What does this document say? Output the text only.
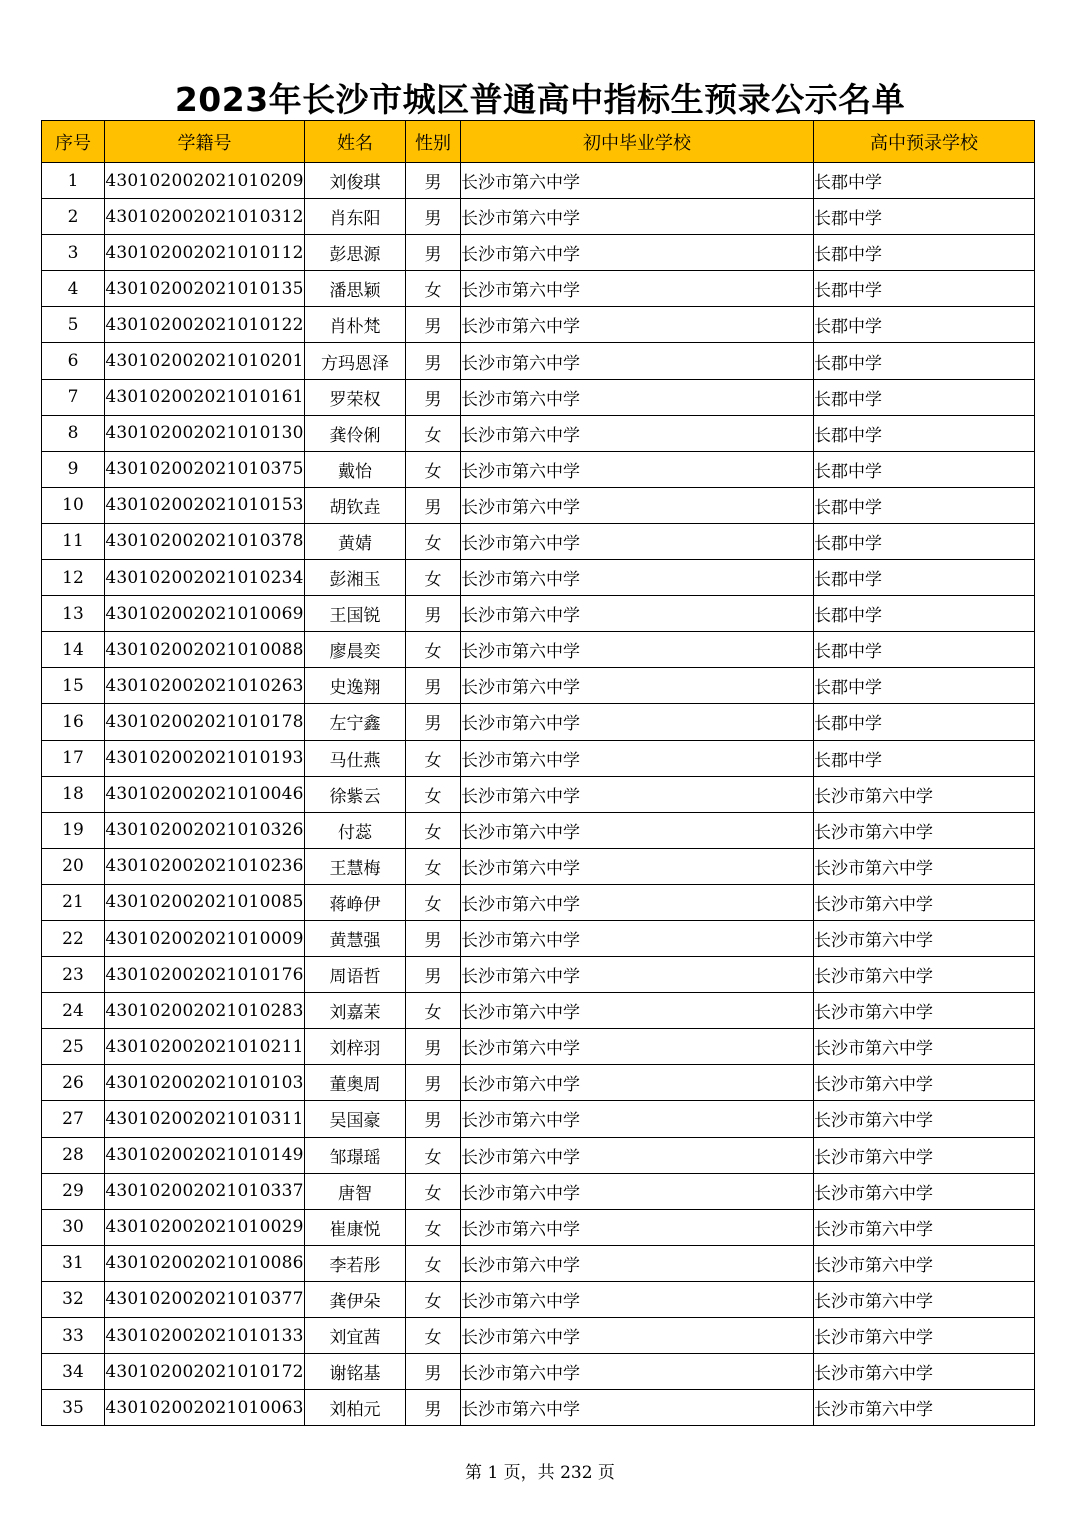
2023年长沙市城区普通高中指标生预录公示名单
序号	学籍号	姓名	性别	初中毕业学校	高中预录学校
1	430102002021010209	刘俊琪	男	长沙市第六中学	长郡中学
2	430102002021010312	肖东阳	男	长沙市第六中学	长郡中学
3	430102002021010112	彭思源	男	长沙市第六中学	长郡中学
4	430102002021010135	潘思颖	女	长沙市第六中学	长郡中学
5	430102002021010122	肖朴梵	男	长沙市第六中学	长郡中学
6	430102002021010201	方玛恩泽	男	长沙市第六中学	长郡中学
7	430102002021010161	罗荣权	男	长沙市第六中学	长郡中学
8	430102002021010130	龚伶俐	女	长沙市第六中学	长郡中学
9	430102002021010375	戴怡	女	长沙市第六中学	长郡中学
10	430102002021010153	胡钦垚	男	长沙市第六中学	长郡中学
11	430102002021010378	黄婧	女	长沙市第六中学	长郡中学
12	430102002021010234	彭湘玉	女	长沙市第六中学	长郡中学
13	430102002021010069	王国锐	男	长沙市第六中学	长郡中学
14	430102002021010088	廖晨奕	女	长沙市第六中学	长郡中学
15	430102002021010263	史逸翔	男	长沙市第六中学	长郡中学
16	430102002021010178	左宁鑫	男	长沙市第六中学	长郡中学
17	430102002021010193	马仕燕	女	长沙市第六中学	长郡中学
18	430102002021010046	徐紫云	女	长沙市第六中学	长沙市第六中学
19	430102002021010326	付蕊	女	长沙市第六中学	长沙市第六中学
20	430102002021010236	王慧梅	女	长沙市第六中学	长沙市第六中学
21	430102002021010085	蒋峥伊	女	长沙市第六中学	长沙市第六中学
22	430102002021010009	黄慧强	男	长沙市第六中学	长沙市第六中学
23	430102002021010176	周语哲	男	长沙市第六中学	长沙市第六中学
24	430102002021010283	刘嘉茉	女	长沙市第六中学	长沙市第六中学
25	430102002021010211	刘梓羽	男	长沙市第六中学	长沙市第六中学
26	430102002021010103	董奥周	男	长沙市第六中学	长沙市第六中学
27	430102002021010311	吴国豪	男	长沙市第六中学	长沙市第六中学
28	430102002021010149	邹璟瑶	女	长沙市第六中学	长沙市第六中学
29	430102002021010337	唐智	女	长沙市第六中学	长沙市第六中学
30	430102002021010029	崔康悦	女	长沙市第六中学	长沙市第六中学
31	430102002021010086	李若彤	女	长沙市第六中学	长沙市第六中学
32	430102002021010377	龚伊朵	女	长沙市第六中学	长沙市第六中学
33	430102002021010133	刘宜茜	女	长沙市第六中学	长沙市第六中学
34	430102002021010172	谢铭基	男	长沙市第六中学	长沙市第六中学
35	430102002021010063	刘柏元	男	长沙市第六中学	长沙市第六中学
第 1 页，共 232 页
